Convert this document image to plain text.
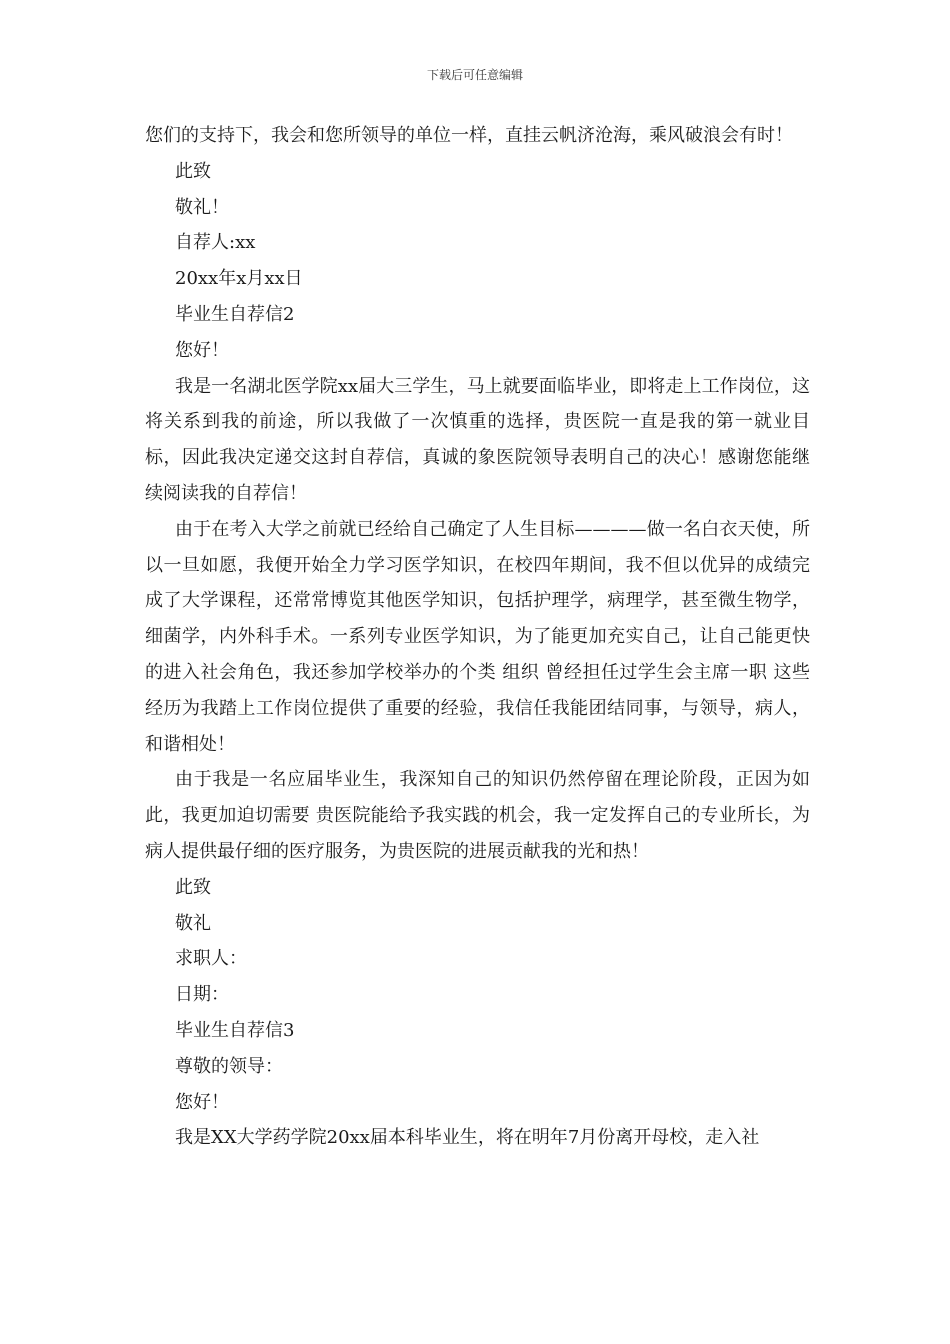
下载后可任意编辑

您们的支持下，我会和您所领导的单位一样，直挂云帆济沧海，乘风破浪会有时！

此致

敬礼！

自荐人:xx

20xx年x月xx日

毕业生自荐信2

您好！

我是一名湖北医学院xx届大三学生，马上就要面临毕业，即将走上工作岗位，这将关系到我的前途，所以我做了一次慎重的选择，贵医院一直是我的第一就业目标，因此我决定递交这封自荐信，真诚的象医院领导表明自己的决心！感谢您能继续阅读我的自荐信！

由于在考入大学之前就已经给自己确定了人生目标————做一名白衣天使，所以一旦如愿，我便开始全力学习医学知识，在校四年期间，我不但以优异的成绩完成了大学课程，还常常博览其他医学知识，包括护理学，病理学，甚至微生物学，细菌学，内外科手术。一系列专业医学知识，为了能更加充实自己，让自己能更快的进入社会角色，我还参加学校举办的个类 组织 曾经担任过学生会主席一职 这些经历为我踏上工作岗位提供了重要的经验，我信任我能团结同事，与领导，病人，和谐相处！

由于我是一名应届毕业生，我深知自己的知识仍然停留在理论阶段，正因为如此，我更加迫切需要 贵医院能给予我实践的机会，我一定发挥自己的专业所长，为病人提供最仔细的医疗服务，为贵医院的进展贡献我的光和热！

此致

敬礼

求职人：

日期：

毕业生自荐信3

尊敬的领导：

您好！

我是XX大学药学院20xx届本科毕业生，将在明年7月份离开母校，走入社
